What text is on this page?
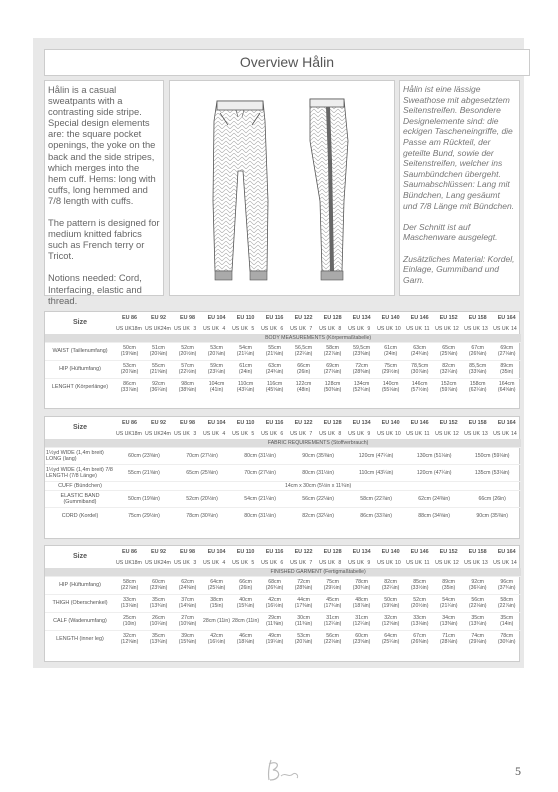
Overview Hålin

Hålin is a casual sweatpants with a contrasting side stripe. Special design elements are: the square pocket openings, the yoke on the back and the side stripes, which merges into the hem cuff. Hems: long with cuffs, long hemmed and 7/8 length with cuffs.

The pattern is designed for medium knitted fabrics such as French terry or Tricot.

Notions needed: Cord, Interfacing, elastic and thread.

Hålin ist eine lässige Sweathose mit abgesetztem Seitenstreifen. Besondere Designelemente sind: die eckigen Tascheneingriffe, die Passe am Rückteil, der geteilte Bund, sowie der Seitenstreifen, welcher ins Saumbündchen übergeht.

Saumabschlüssen: Lang mit Bündchen, Lang gesäumt und 7/8 Länge mit Bündchen.

Der Schnitt ist auf Maschenware ausgelegt.

Zusätzliches Material: Kordel, Einlage, Gummiband und Garn.

Size	EU 86		EU 92		EU 98		EU 104		EU 110		EU 116		EU 122		EU 128		EU 134		EU 140		EU 146		EU 152		EU 158		EU 164	
	US UK	18m	US UK	24m	US UK	3	US UK	4	US UK	5	US UK	6	US UK	7	US UK	8	US UK	9	US UK	10	US UK	11	US UK	12	US UK	13	US UK	14
	BODY MEASUREMENTS (Körpermaßtabelle)																											
WAIST (Taillenumfang)	50cm (19⅝in)		51cm (20⅛in)		52cm (20½in)		53cm (20⅞in)		54cm (21¼in)		55cm (21⅝in)		56,5cm (22¼in)		58cm (22⅞in)		59,5cm (23⅜in)		61cm (24in)		63cm (24¾in)		65cm (25⅝in)		67cm (26⅜in)		69cm (27⅛in)	
HIP (Hüftumfang)	53cm (20⅞in)		55cm (21⅝in)		57cm (22½in)		59cm (23¼in)		61cm (24in)		63cm (24¾in)		66cm (26in)		69cm (27⅛in)		72cm (28⅜in)		75cm (29½in)		78,5cm (30⅞in)		82cm (32¼in)		85,5cm (33⅝in)		89cm (35in)	
LENGHT (Körperlänge)	86cm (33⅞in)		92cm (36¼in)		98cm (38⅝in)		104cm (41in)		110cm (43¼in)		116cm (45⅝in)		122cm (48in)		128cm (50⅜in)		134cm (52¾in)		140cm (55⅛in)		146cm (57½in)		152cm (59⅞in)		158cm (62¼in)		164cm (64⅝in)	
Size	EU 86		EU 92		EU 98		EU 104		EU 110		EU 116		EU 122		EU 128		EU 134		EU 140		EU 146		EU 152		EU 158		EU 164	
	US UK	18m	US UK	24m	US UK	3	US UK	4	US UK	5	US UK	6	US UK	7	US UK	8	US UK	9	US UK	10	US UK	11	US UK	12	US UK	13	US UK	14
	FABRIC REQUIREMENTS (Stoffverbrauch)																											
1½yd WIDE (1,4m breit) LONG (lang)	60cm (23⅝in)				70cm (27½in)				80cm (31½in)				90cm (35⅜in)				120cm (47¼in)				130cm (51⅛in)				150cm (59⅛in)			
1½yd WIDE (1,4m breit) 7/8 LENGTH (7/8 Länge)	55cm (21⅝in)				65cm (25⅝in)				70cm (27½in)				80cm (31½in)				110cm (43¼in)				120cm (47¼in)				135cm (53⅛in)			
CUFF (Bündchen)	14cm x 30cm (5½in x 11¾in)																											
ELASTIC BAND (Gummiband)	50cm (19⅝in)				52cm (20½in)				54cm (21¼in)				56cm (22⅛in)				58cm (22⅞in)				62cm (24⅜in)				66cm (26in)			
CORD (Kordel)	75cm (29½in)				78cm (30¾in)				80cm (31½in)				82cm (32¼in)				86cm (33⅞in)				88cm (34⅝in)				90cm (35⅜in)			
Size	EU 86		EU 92		EU 98		EU 104		EU 110		EU 116		EU 122		EU 128		EU 134		EU 140		EU 146		EU 152		EU 158		EU 164	
	US UK	18m	US UK	24m	US UK	3	US UK	4	US UK	5	US UK	6	US UK	7	US UK	8	US UK	9	US UK	10	US UK	11	US UK	12	US UK	13	US UK	14
	FINISHED GARMENT (Fertigmaßtabelle)																											
HIP (Hüftumfang)	58cm (22⅞in)		60cm (23⅝in)		62cm (24⅜in)		64cm (25⅛in)		66cm (26in)		68cm (26¾in)		72cm (28⅜in)		75cm (29½in)		78cm (30¾in)		82cm (32¼in)		85cm (33½in)		89cm (35in)		92cm (36¼in)		96cm (37¾in)	
THIGH (Oberschenkel)	33cm (13⅛in)		35cm (13¾in)		37cm (14⅝in)		38cm (15in)		40cm (15¾in)		42cm (16½in)		44cm (17⅜in)		45cm (17¾in)		48cm (18⅞in)		50cm (19⅝in)		52cm (20½in)		54cm (21¼in)		56cm (22⅛in)		58cm (22⅞in)	
CALF (Wadenumfang)	25cm (10in)		26cm (10¼in)		27cm (10⅝in)		28cm (11in)		28cm (11in)		29cm (11⅜in)		30cm (11¾in)		31cm (12¼in)		31cm (12¼in)		32cm (12⅝in)		33cm (13⅛in)		34cm (13⅜in)		35cm (13¾in)		35cm (14in)	
LENGTH (inner leg)	32cm (12⅝in)		35cm (13¾in)		39cm (15⅜in)		42cm (16½in)		46cm (18⅛in)		49cm (19¼in)		53cm (20⅞in)		56cm (22⅛in)		60cm (23⅝in)		64cm (25¼in)		67cm (26⅜in)		71cm (28⅛in)		74cm (29⅛in)		78cm (30¾in)	
5
